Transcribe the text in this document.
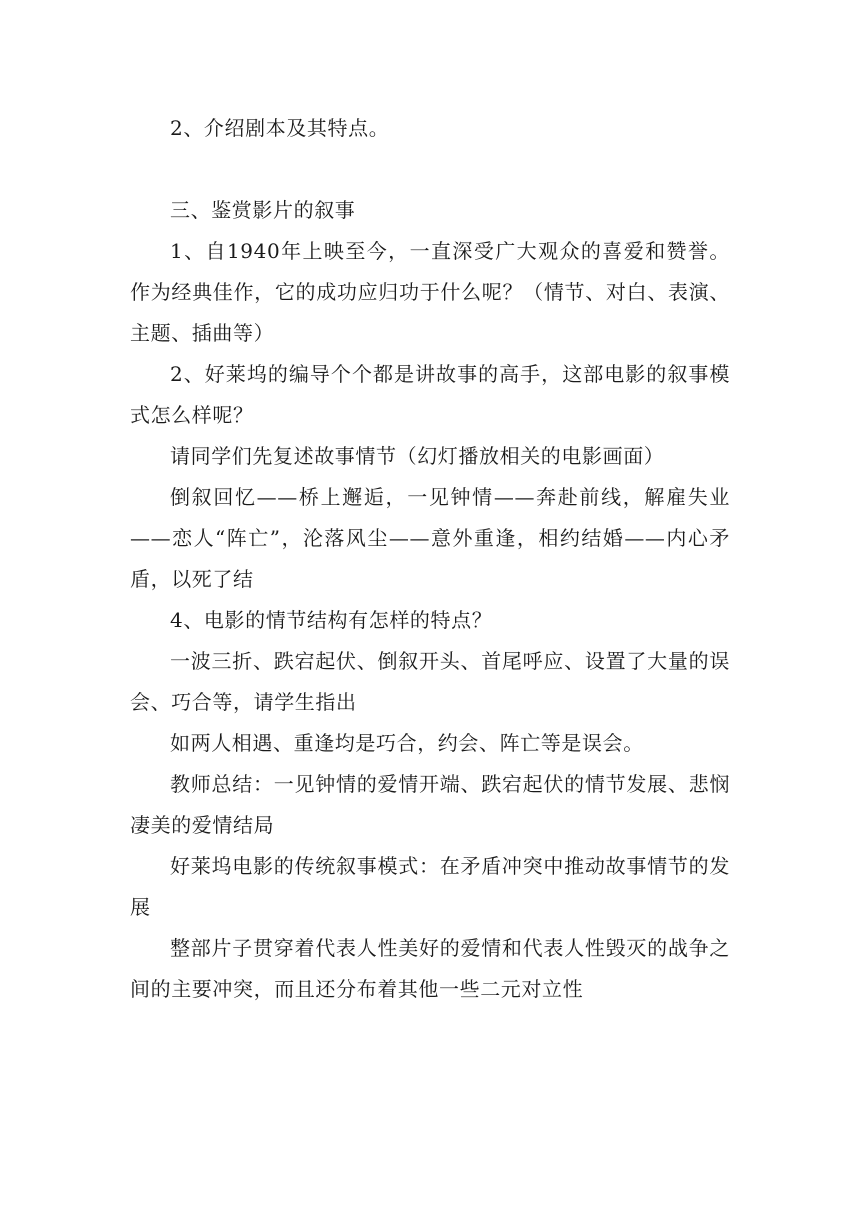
2、介绍剧本及其特点。

三、鉴赏影片的叙事

1、自1940年上映至今，一直深受广大观众的喜爱和赞誉。作为经典佳作，它的成功应归功于什么呢？（情节、对白、表演、主题、插曲等）

2、好莱坞的编导个个都是讲故事的高手，这部电影的叙事模式怎么样呢？

请同学们先复述故事情节（幻灯播放相关的电影画面）

倒叙回忆——桥上邂逅，一见钟情——奔赴前线，解雇失业——恋人“阵亡”，沦落风尘——意外重逢，相约结婚——内心矛盾，以死了结

4、电影的情节结构有怎样的特点？

一波三折、跌宕起伏、倒叙开头、首尾呼应、设置了大量的误会、巧合等，请学生指出

如两人相遇、重逢均是巧合，约会、阵亡等是误会。

教师总结：一见钟情的爱情开端、跌宕起伏的情节发展、悲悯凄美的爱情结局

好莱坞电影的传统叙事模式：在矛盾冲突中推动故事情节的发展

整部片子贯穿着代表人性美好的爱情和代表人性毁灭的战争之间的主要冲突，而且还分布着其他一些二元对立性
